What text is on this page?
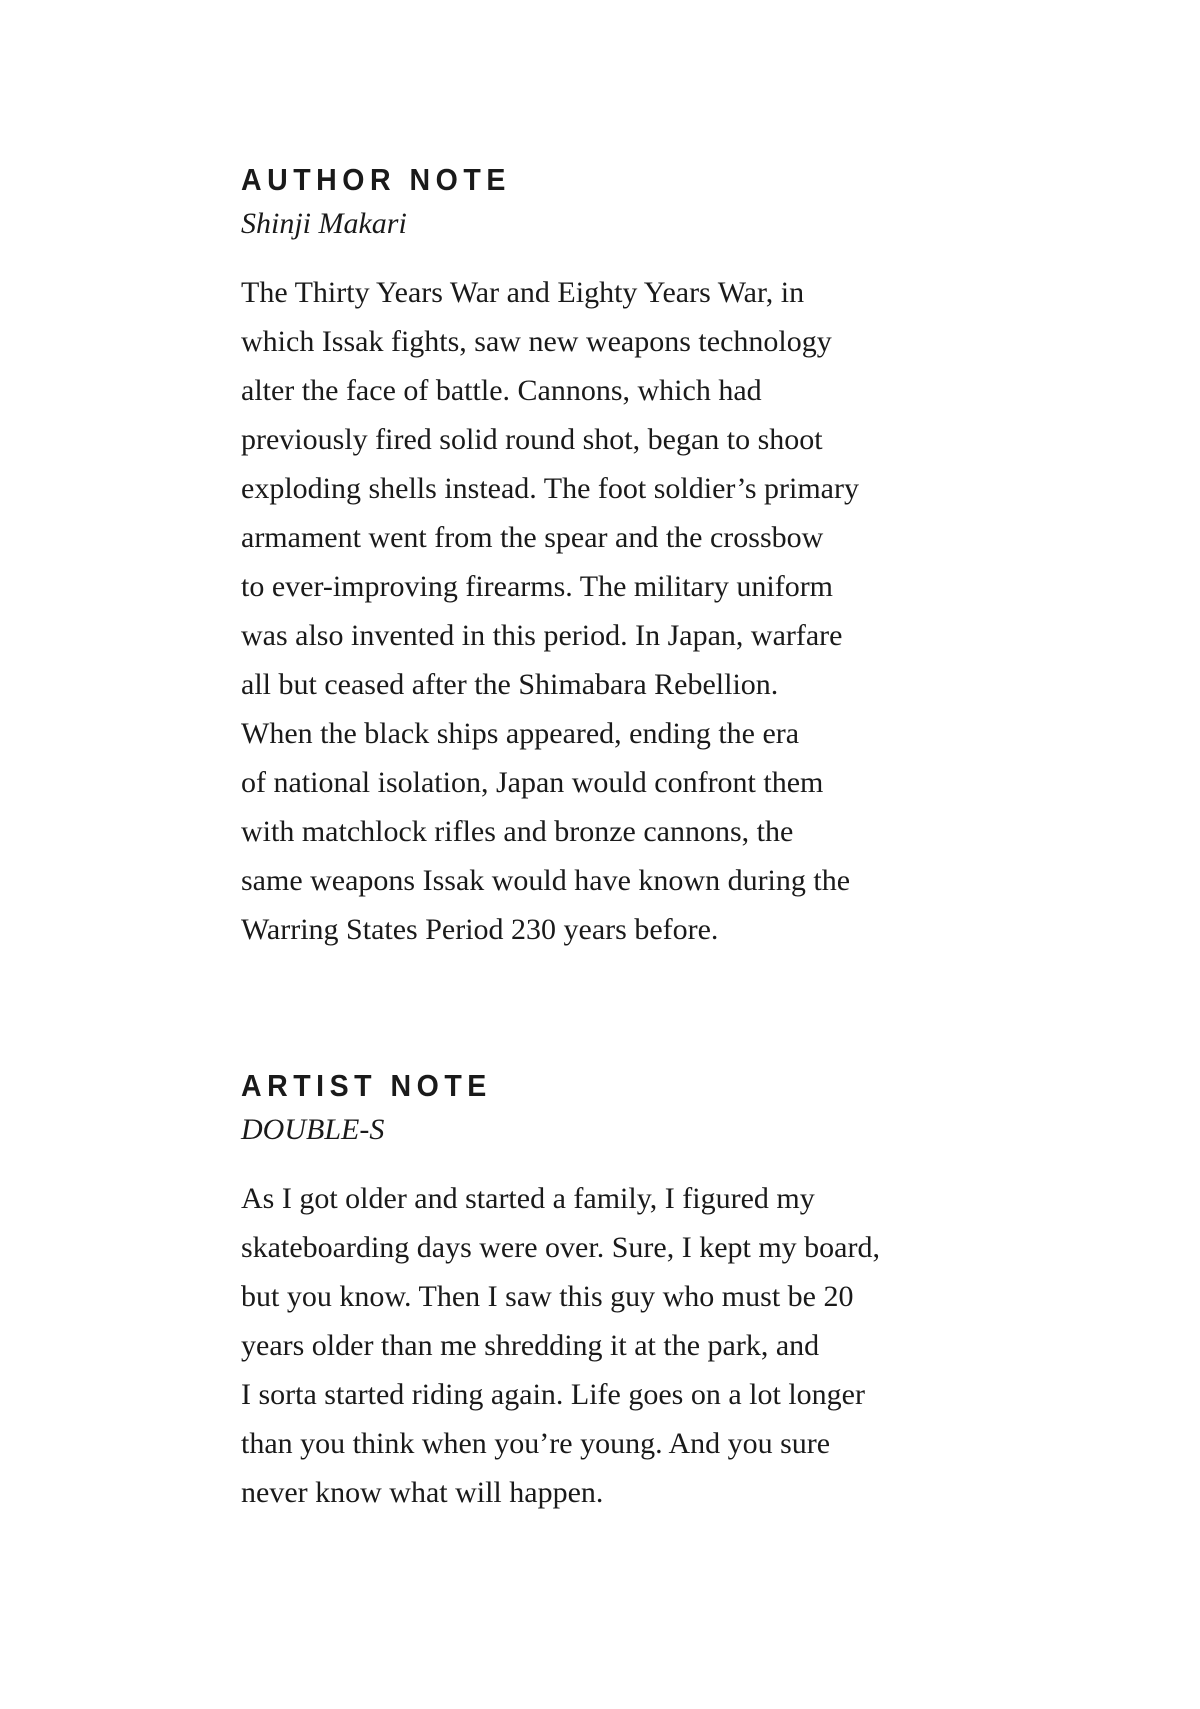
AUTHOR NOTE

Shinji Makari

The Thirty Years War and Eighty Years War, in
which Issak fights, saw new weapons technology
alter the face of battle. Cannons, which had
previously fired solid round shot, began to shoot
exploding shells instead. The foot soldier’s primary
armament went from the spear and the crossbow
to ever-improving firearms. The military uniform
was also invented in this period. In Japan, warfare
all but ceased after the Shimabara Rebellion.
When the black ships appeared, ending the era
of national isolation, Japan would confront them
with matchlock rifles and bronze cannons, the
same weapons Issak would have known during the
Warring States Period 230 years before.
ARTIST NOTE

DOUBLE-S

As I got older and started a family, I figured my
skateboarding days were over. Sure, I kept my board,
but you know. Then I saw this guy who must be 20
years older than me shredding it at the park, and
I sorta started riding again. Life goes on a lot longer
than you think when you’re young. And you sure
never know what will happen.
